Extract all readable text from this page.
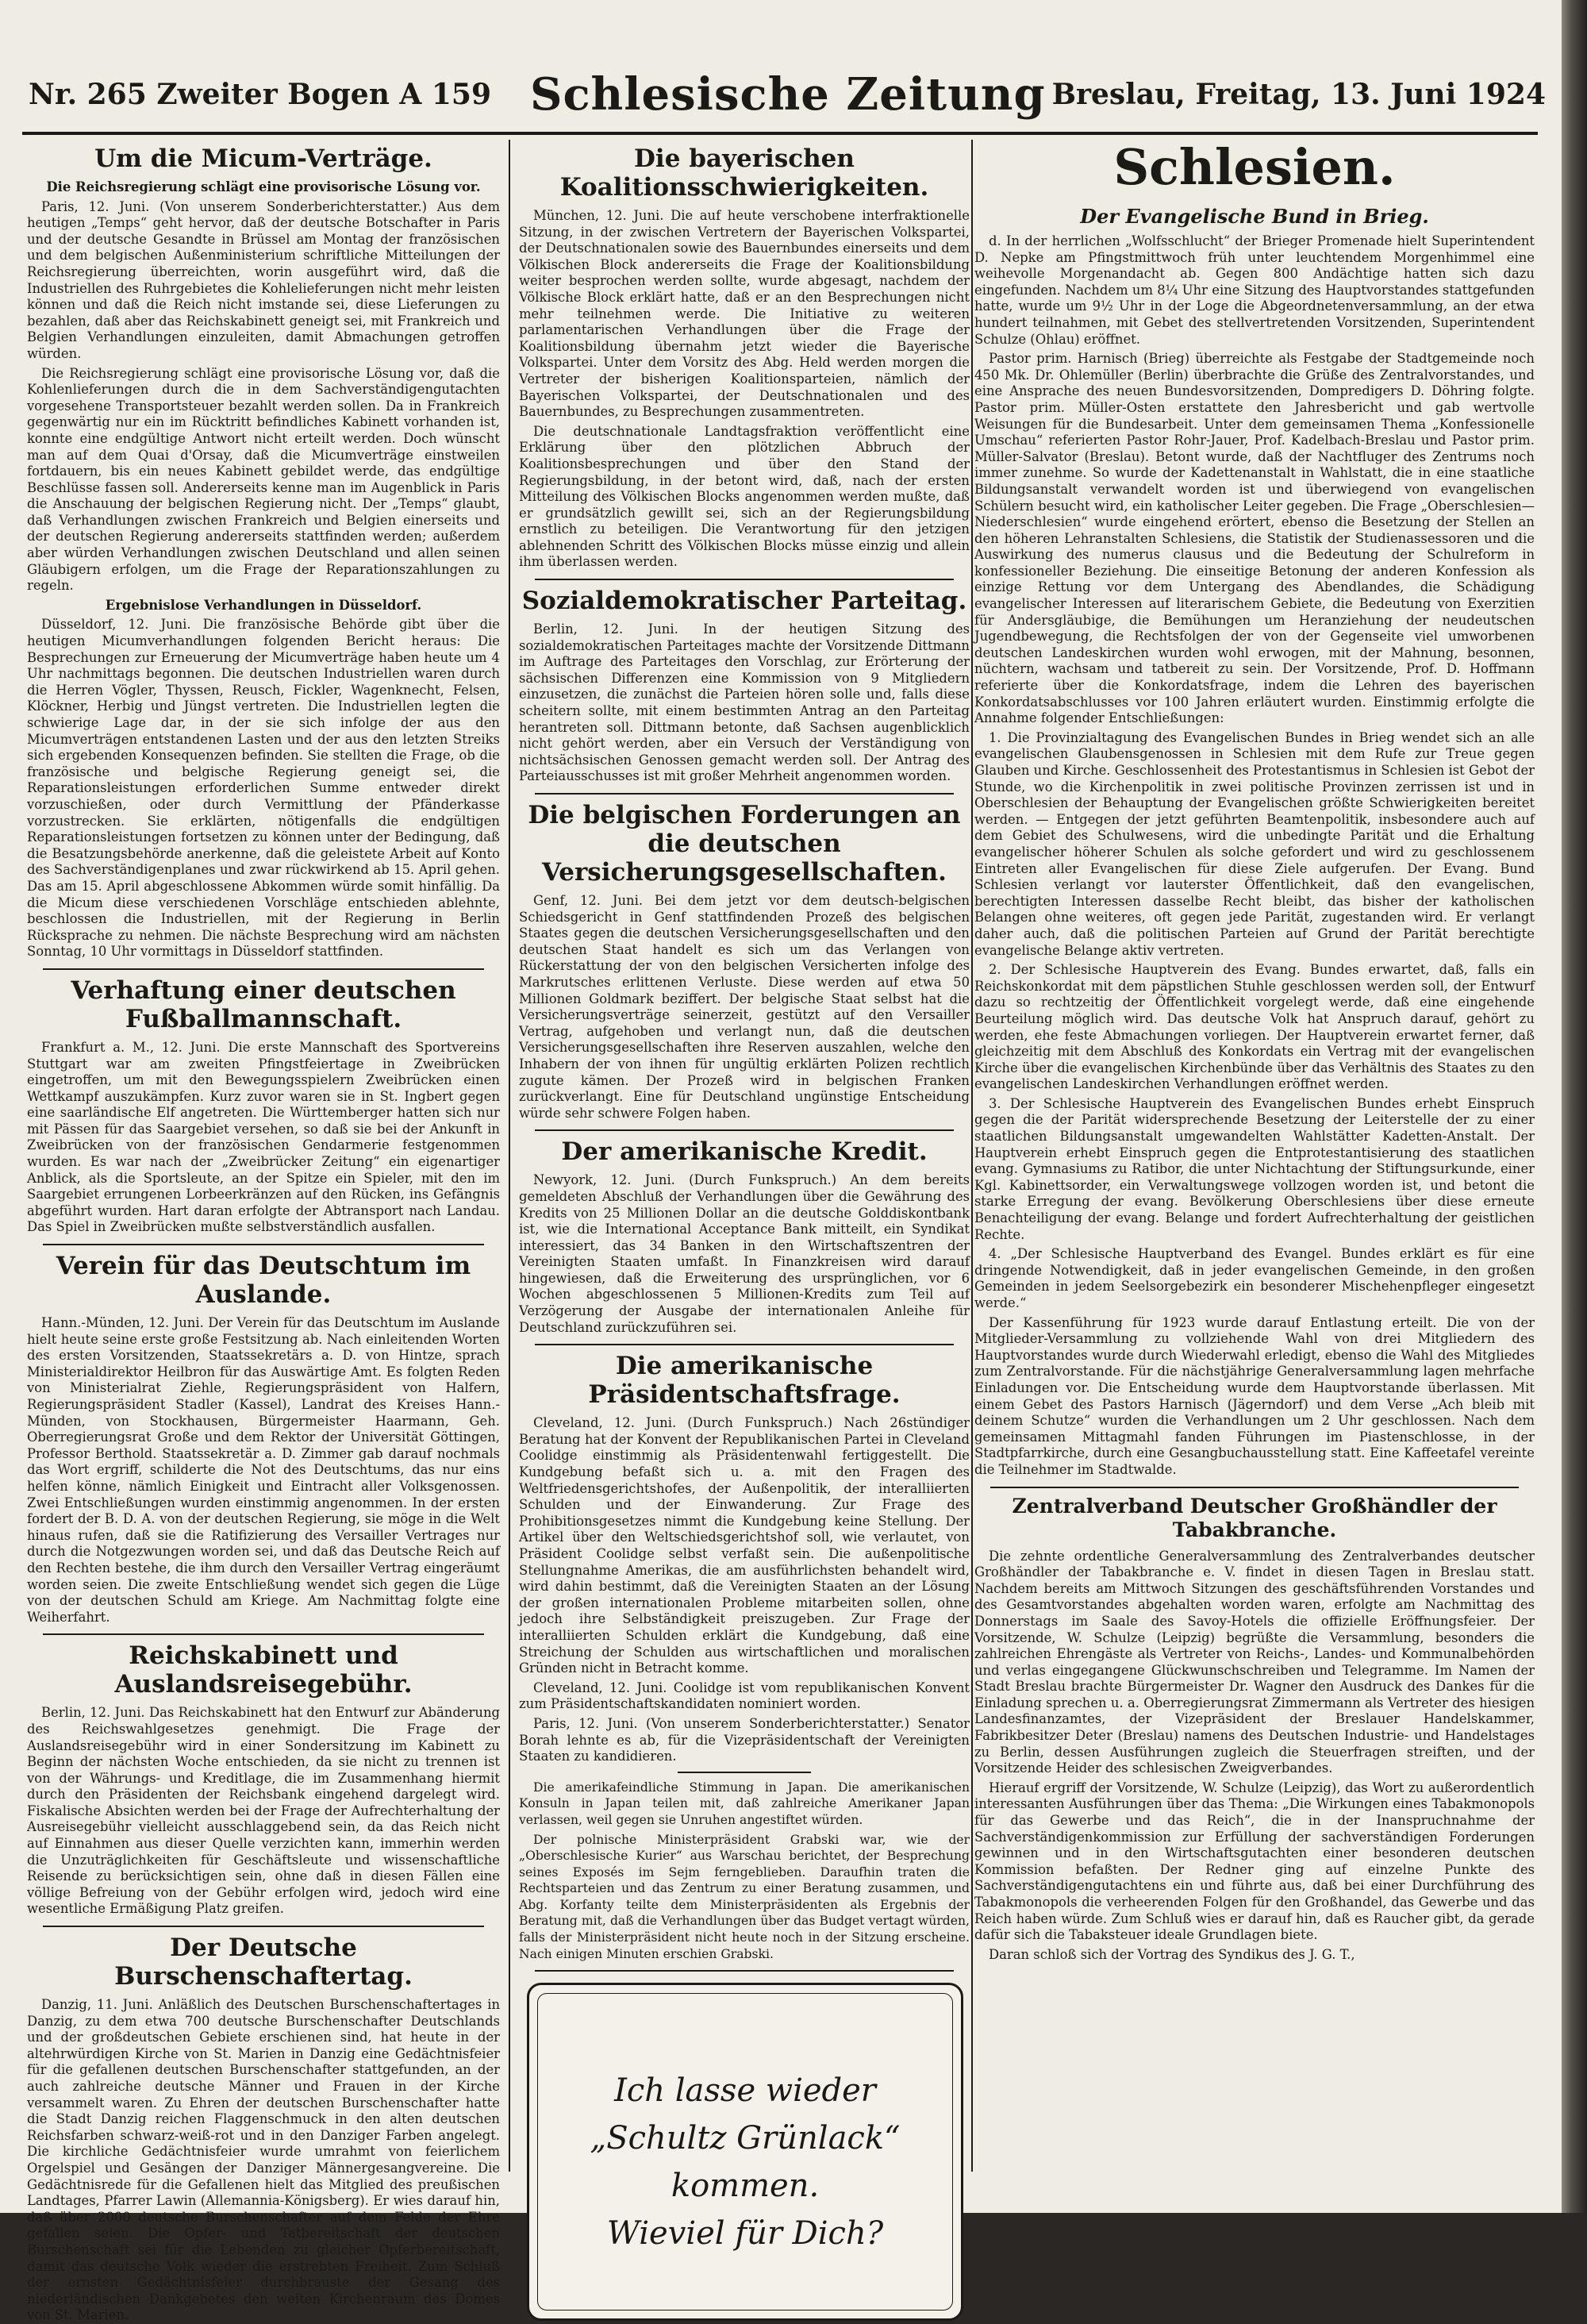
Nr. 265 Zweiter Bogen A 159 Schlesische Zeitung Breslau, Freitag, 13. Juni 1924
Um die Micum-Verträge.

Die Reichsregierung schlägt eine provisorische Lösung vor.

Paris, 12. Juni. (Von unserem Sonderberichterstatter.) Aus dem heutigen „Temps“ geht hervor, daß der deutsche Botschafter in Paris und der deutsche Gesandte in Brüssel am Montag der französischen und dem belgischen Außenministerium schriftliche Mitteilungen der Reichsregierung überreichten, worin ausgeführt wird, daß die Industriellen des Ruhrgebietes die Kohlelieferungen nicht mehr leisten können und daß die Reich nicht imstande sei, diese Lieferungen zu bezahlen, daß aber das Reichskabinett geneigt sei, mit Frankreich und Belgien Verhandlungen einzuleiten, damit Abmachungen getroffen würden.

Die Reichsregierung schlägt eine provisorische Lösung vor, daß die Kohlenlieferungen durch die in dem Sachverständigengutachten vorgesehene Transportsteuer bezahlt werden sollen. Da in Frankreich gegenwärtig nur ein im Rücktritt befindliches Kabinett vorhanden ist, konnte eine endgültige Antwort nicht erteilt werden. Doch wünscht man auf dem Quai d'Orsay, daß die Micumverträge einstweilen fortdauern, bis ein neues Kabinett gebildet werde, das endgültige Beschlüsse fassen soll. Andererseits kenne man im Augenblick in Paris die Anschauung der belgischen Regierung nicht. Der „Temps“ glaubt, daß Verhandlungen zwischen Frankreich und Belgien einerseits und der deutschen Regierung andererseits stattfinden werden; außerdem aber würden Verhandlungen zwischen Deutschland und allen seinen Gläubigern erfolgen, um die Frage der Reparationszahlungen zu regeln.

Ergebnislose Verhandlungen in Düsseldorf.

Düsseldorf, 12. Juni. Die französische Behörde gibt über die heutigen Micumverhandlungen folgenden Bericht heraus: Die Besprechungen zur Erneuerung der Micumverträge haben heute um 4 Uhr nachmittags begonnen. Die deutschen Industriellen waren durch die Herren Vögler, Thyssen, Reusch, Fickler, Wagenknecht, Felsen, Klöckner, Herbig und Jüngst vertreten. Die Industriellen legten die schwierige Lage dar, in der sie sich infolge der aus den Micumverträgen entstandenen Lasten und der aus den letzten Streiks sich ergebenden Konsequenzen befinden. Sie stellten die Frage, ob die französische und belgische Regierung geneigt sei, die Reparationsleistungen erforderlichen Summe entweder direkt vorzuschießen, oder durch Vermittlung der Pfänderkasse vorzustrecken. Sie erklärten, nötigenfalls die endgültigen Reparationsleistungen fortsetzen zu können unter der Bedingung, daß die Besatzungsbehörde anerkenne, daß die geleistete Arbeit auf Konto des Sachverständigenplanes und zwar rückwirkend ab 15. April gehen. Das am 15. April abgeschlossene Abkommen würde somit hinfällig. Da die Micum diese verschiedenen Vorschläge entschieden ablehnte, beschlossen die Industriellen, mit der Regierung in Berlin Rücksprache zu nehmen. Die nächste Besprechung wird am nächsten Sonntag, 10 Uhr vormittags in Düsseldorf stattfinden.

Verhaftung einer deutschen Fußballmannschaft.

Frankfurt a. M., 12. Juni. Die erste Mannschaft des Sportvereins Stuttgart war am zweiten Pfingstfeiertage in Zweibrücken eingetroffen, um mit den Bewegungsspielern Zweibrücken einen Wettkampf auszukämpfen. Kurz zuvor waren sie in St. Ingbert gegen eine saarländische Elf angetreten. Die Württemberger hatten sich nur mit Pässen für das Saargebiet versehen, so daß sie bei der Ankunft in Zweibrücken von der französischen Gendarmerie festgenommen wurden. Es war nach der „Zweibrücker Zeitung“ ein eigenartiger Anblick, als die Sportsleute, an der Spitze ein Spieler, mit den im Saargebiet errungenen Lorbeerkränzen auf den Rücken, ins Gefängnis abgeführt wurden. Hart daran erfolgte der Abtransport nach Landau. Das Spiel in Zweibrücken mußte selbstverständlich ausfallen.

Verein für das Deutschtum im Auslande.

Hann.-Münden, 12. Juni. Der Verein für das Deutschtum im Auslande hielt heute seine erste große Festsitzung ab. Nach einleitenden Worten des ersten Vorsitzenden, Staatssekretärs a. D. von Hintze, sprach Ministerialdirektor Heilbron für das Auswärtige Amt. Es folgten Reden von Ministerialrat Ziehle, Regierungspräsident von Halfern, Regierungspräsident Stadler (Kassel), Landrat des Kreises Hann.-Münden, von Stockhausen, Bürgermeister Haarmann, Geh. Oberregierungsrat Große und dem Rektor der Universität Göttingen, Professor Berthold. Staatssekretär a. D. Zimmer gab darauf nochmals das Wort ergriff, schilderte die Not des Deutschtums, das nur eins helfen könne, nämlich Einigkeit und Eintracht aller Volksgenossen. Zwei Entschließungen wurden einstimmig angenommen. In der ersten fordert der B. D. A. von der deutschen Regierung, sie möge in die Welt hinaus rufen, daß sie die Ratifizierung des Versailler Vertrages nur durch die Notgezwungen worden sei, und daß das Deutsche Reich auf den Rechten bestehe, die ihm durch den Versailler Vertrag eingeräumt worden seien. Die zweite Entschließung wendet sich gegen die Lüge von der deutschen Schuld am Kriege. Am Nachmittag folgte eine Weiherfahrt.

Reichskabinett und Auslandsreisegebühr.

Berlin, 12. Juni. Das Reichskabinett hat den Entwurf zur Abänderung des Reichswahlgesetzes genehmigt. Die Frage der Auslandsreisegebühr wird in einer Sondersitzung im Kabinett zu Beginn der nächsten Woche entschieden, da sie nicht zu trennen ist von der Währungs- und Kreditlage, die im Zusammenhang hiermit durch den Präsidenten der Reichsbank eingehend dargelegt wird. Fiskalische Absichten werden bei der Frage der Aufrechterhaltung der Ausreisegebühr vielleicht ausschlaggebend sein, da das Reich nicht auf Einnahmen aus dieser Quelle verzichten kann, immerhin werden die Unzuträglichkeiten für Geschäftsleute und wissenschaftliche Reisende zu berücksichtigen sein, ohne daß in diesen Fällen eine völlige Befreiung von der Gebühr erfolgen wird, jedoch wird eine wesentliche Ermäßigung Platz greifen.

Der Deutsche Burschenschaftertag.

Danzig, 11. Juni. Anläßlich des Deutschen Burschenschaftertages in Danzig, zu dem etwa 700 deutsche Burschenschafter Deutschlands und der großdeutschen Gebiete erschienen sind, hat heute in der altehrwürdigen Kirche von St. Marien in Danzig eine Gedächtnisfeier für die gefallenen deutschen Burschenschafter stattgefunden, an der auch zahlreiche deutsche Männer und Frauen in der Kirche versammelt waren. Zu Ehren der deutschen Burschenschafter hatte die Stadt Danzig reichen Flaggenschmuck in den alten deutschen Reichsfarben schwarz-weiß-rot und in den Danziger Farben angelegt. Die kirchliche Gedächtnisfeier wurde umrahmt von feierlichem Orgelspiel und Gesängen der Danziger Männergesangvereine. Die Gedächtnisrede für die Gefallenen hielt das Mitglied des preußischen Landtages, Pfarrer Lawin (Allemannia-Königsberg). Er wies darauf hin, daß über 2000 deutsche Burschenschafter auf dem Felde der Ehre gefallen seien. Die Opfer- und Tatbereitschaft der deutschen Burschenschaft sei für die Lebenden zu gleicher Opferbereitschaft, damit das deutsche Volk wieder die erstrebten Freiheit. Zum Schluß der ernsten Gedächtnisfeier durchbrauste der Gesang des niederländischen Dankgebetes den weiten Kirchenraum des Domes von St. Marien.

Die bayerischen Koalitionsschwierigkeiten.

München, 12. Juni. Die auf heute verschobene interfraktionelle Sitzung, in der zwischen Vertretern der Bayerischen Volkspartei, der Deutschnationalen sowie des Bauernbundes einerseits und dem Völkischen Block andererseits die Frage der Koalitionsbildung weiter besprochen werden sollte, wurde abgesagt, nachdem der Völkische Block erklärt hatte, daß er an den Besprechungen nicht mehr teilnehmen werde. Die Initiative zu weiteren parlamentarischen Verhandlungen über die Frage der Koalitionsbildung übernahm jetzt wieder die Bayerische Volkspartei. Unter dem Vorsitz des Abg. Held werden morgen die Vertreter der bisherigen Koalitionsparteien, nämlich der Bayerischen Volkspartei, der Deutschnationalen und des Bauernbundes, zu Besprechungen zusammentreten.

Die deutschnationale Landtagsfraktion veröffentlicht eine Erklärung über den plötzlichen Abbruch der Koalitionsbesprechungen und über den Stand der Regierungsbildung, in der betont wird, daß, nach der ersten Mitteilung des Völkischen Blocks angenommen werden mußte, daß er grundsätzlich gewillt sei, sich an der Regierungsbildung ernstlich zu beteiligen. Die Verantwortung für den jetzigen ablehnenden Schritt des Völkischen Blocks müsse einzig und allein ihm überlassen werden.

Sozialdemokratischer Parteitag.

Berlin, 12. Juni. In der heutigen Sitzung des sozialdemokratischen Parteitages machte der Vorsitzende Dittmann im Auftrage des Parteitages den Vorschlag, zur Erörterung der sächsischen Differenzen eine Kommission von 9 Mitgliedern einzusetzen, die zunächst die Parteien hören solle und, falls diese scheitern sollte, mit einem bestimmten Antrag an den Parteitag herantreten soll. Dittmann betonte, daß Sachsen augenblicklich nicht gehört werden, aber ein Versuch der Verständigung von nichtsächsischen Genossen gemacht werden soll. Der Antrag des Parteiausschusses ist mit großer Mehrheit angenommen worden.

Die belgischen Forderungen an die deutschen Versicherungsgesellschaften.

Genf, 12. Juni. Bei dem jetzt vor dem deutsch-belgischen Schiedsgericht in Genf stattfindenden Prozeß des belgischen Staates gegen die deutschen Versicherungsgesellschaften und den deutschen Staat handelt es sich um das Verlangen von Rückerstattung der von den belgischen Versicherten infolge des Markrutsches erlittenen Verluste. Diese werden auf etwa 50 Millionen Goldmark beziffert. Der belgische Staat selbst hat die Versicherungsverträge seinerzeit, gestützt auf den Versailler Vertrag, aufgehoben und verlangt nun, daß die deutschen Versicherungsgesellschaften ihre Reserven auszahlen, welche den Inhabern der von ihnen für ungültig erklärten Polizen rechtlich zugute kämen. Der Prozeß wird in belgischen Franken zurückverlangt. Eine für Deutschland ungünstige Entscheidung würde sehr schwere Folgen haben.

Der amerikanische Kredit.

Newyork, 12. Juni. (Durch Funkspruch.) An dem bereits gemeldeten Abschluß der Verhandlungen über die Gewährung des Kredits von 25 Millionen Dollar an die deutsche Golddiskontbank ist, wie die International Acceptance Bank mitteilt, ein Syndikat interessiert, das 34 Banken in den Wirtschaftszentren der Vereinigten Staaten umfaßt. In Finanzkreisen wird darauf hingewiesen, daß die Erweiterung des ursprünglichen, vor 6 Wochen abgeschlossenen 5 Millionen-Kredits zum Teil auf Verzögerung der Ausgabe der internationalen Anleihe für Deutschland zurückzuführen sei.

Die amerikanische Präsidentschaftsfrage.

Cleveland, 12. Juni. (Durch Funkspruch.) Nach 26stündiger Beratung hat der Konvent der Republikanischen Partei in Cleveland Coolidge einstimmig als Präsidentenwahl fertiggestellt. Die Kundgebung befaßt sich u. a. mit den Fragen des Weltfriedensgerichtshofes, der Außenpolitik, der interalliierten Schulden und der Einwanderung. Zur Frage des Prohibitionsgesetzes nimmt die Kundgebung keine Stellung. Der Artikel über den Weltschiedsgerichtshof soll, wie verlautet, von Präsident Coolidge selbst verfaßt sein. Die außenpolitische Stellungnahme Amerikas, die am ausführlichsten behandelt wird, wird dahin bestimmt, daß die Vereinigten Staaten an der Lösung der großen internationalen Probleme mitarbeiten sollen, ohne jedoch ihre Selbständigkeit preiszugeben. Zur Frage der interalliierten Schulden erklärt die Kundgebung, daß eine Streichung der Schulden aus wirtschaftlichen und moralischen Gründen nicht in Betracht komme.

Cleveland, 12. Juni. Coolidge ist vom republikanischen Konvent zum Präsidentschaftskandidaten nominiert worden.

Paris, 12. Juni. (Von unserem Sonderberichterstatter.) Senator Borah lehnte es ab, für die Vizepräsidentschaft der Vereinigten Staaten zu kandidieren.

Die amerikafeindliche Stimmung in Japan. Die amerikanischen Konsuln in Japan teilen mit, daß zahlreiche Amerikaner Japan verlassen, weil gegen sie Unruhen angestiftet würden.

Der polnische Ministerpräsident Grabski war, wie der „Oberschlesische Kurier“ aus Warschau berichtet, der Besprechung seines Exposés im Sejm ferngeblieben. Daraufhin traten die Rechtsparteien und das Zentrum zu einer Beratung zusammen, und Abg. Korfanty teilte dem Ministerpräsidenten als Ergebnis der Beratung mit, daß die Verhandlungen über das Budget vertagt würden, falls der Ministerpräsident nicht heute noch in der Sitzung erscheine. Nach einigen Minuten erschien Grabski.

Ich lasse wieder
„Schultz Grünlack“
kommen.
Wieviel für Dich?
Schlesien.
Der Evangelische Bund in Brieg.

d. In der herrlichen „Wolfsschlucht“ der Brieger Promenade hielt Superintendent D. Nepke am Pfingstmittwoch früh unter leuchtendem Morgenhimmel eine weihevolle Morgenandacht ab. Gegen 800 Andächtige hatten sich dazu eingefunden. Nachdem um 8¼ Uhr eine Sitzung des Hauptvorstandes stattgefunden hatte, wurde um 9½ Uhr in der Loge die Abgeordnetenversammlung, an der etwa hundert teilnahmen, mit Gebet des stellvertretenden Vorsitzenden, Superintendent Schulze (Ohlau) eröffnet.

Pastor prim. Harnisch (Brieg) überreichte als Festgabe der Stadtgemeinde noch 450 Mk. Dr. Ohlemüller (Berlin) überbrachte die Grüße des Zentralvorstandes, und eine Ansprache des neuen Bundesvorsitzenden, Dompredigers D. Döhring folgte. Pastor prim. Müller-Osten erstattete den Jahresbericht und gab wertvolle Weisungen für die Bundesarbeit. Unter dem gemeinsamen Thema „Konfessionelle Umschau“ referierten Pastor Rohr-Jauer, Prof. Kadelbach-Breslau und Pastor prim. Müller-Salvator (Breslau). Betont wurde, daß der Nachtfluger des Zentrums noch immer zunehme. So wurde der Kadettenanstalt in Wahlstatt, die in eine staatliche Bildungsanstalt verwandelt worden ist und überwiegend von evangelischen Schülern besucht wird, ein katholischer Leiter gegeben. Die Frage „Oberschlesien—Niederschlesien“ wurde eingehend erörtert, ebenso die Besetzung der Stellen an den höheren Lehranstalten Schlesiens, die Statistik der Studienassessoren und die Auswirkung des numerus clausus und die Bedeutung der Schulreform in konfessioneller Beziehung. Die einseitige Betonung der anderen Konfession als einzige Rettung vor dem Untergang des Abendlandes, die Schädigung evangelischer Interessen auf literarischem Gebiete, die Bedeutung von Exerzitien für Andersgläubige, die Bemühungen um Heranziehung der neudeutschen Jugendbewegung, die Rechtsfolgen der von der Gegenseite viel umworbenen deutschen Landeskirchen wurden wohl erwogen, mit der Mahnung, besonnen, nüchtern, wachsam und tatbereit zu sein. Der Vorsitzende, Prof. D. Hoffmann referierte über die Konkordatsfrage, indem die Lehren des bayerischen Konkordatsabschlusses vor 100 Jahren erläutert wurden. Einstimmig erfolgte die Annahme folgender Entschließungen:

1. Die Provinzialtagung des Evangelischen Bundes in Brieg wendet sich an alle evangelischen Glaubensgenossen in Schlesien mit dem Rufe zur Treue gegen Glauben und Kirche. Geschlossenheit des Protestantismus in Schlesien ist Gebot der Stunde, wo die Kirchenpolitik in zwei politische Provinzen zerrissen ist und in Oberschlesien der Behauptung der Evangelischen größte Schwierigkeiten bereitet werden. — Entgegen der jetzt geführten Beamtenpolitik, insbesondere auch auf dem Gebiet des Schulwesens, wird die unbedingte Parität und die Erhaltung evangelischer höherer Schulen als solche gefordert und wird zu geschlossenem Eintreten aller Evangelischen für diese Ziele aufgerufen. Der Evang. Bund Schlesien verlangt vor lauterster Öffentlichkeit, daß den evangelischen, berechtigten Interessen dasselbe Recht bleibt, das bisher der katholischen Belangen ohne weiteres, oft gegen jede Parität, zugestanden wird. Er verlangt daher auch, daß die politischen Parteien auf Grund der Parität berechtigte evangelische Belange aktiv vertreten.

2. Der Schlesische Hauptverein des Evang. Bundes erwartet, daß, falls ein Reichskonkordat mit dem päpstlichen Stuhle geschlossen werden soll, der Entwurf dazu so rechtzeitig der Öffentlichkeit vorgelegt werde, daß eine eingehende Beurteilung möglich wird. Das deutsche Volk hat Anspruch darauf, gehört zu werden, ehe feste Abmachungen vorliegen. Der Hauptverein erwartet ferner, daß gleichzeitig mit dem Abschluß des Konkordats ein Vertrag mit der evangelischen Kirche über die evangelischen Kirchenbünde über das Verhältnis des Staates zu den evangelischen Landeskirchen Verhandlungen eröffnet werden.

3. Der Schlesische Hauptverein des Evangelischen Bundes erhebt Einspruch gegen die der Parität widersprechende Besetzung der Leiterstelle der zu einer staatlichen Bildungsanstalt umgewandelten Wahlstätter Kadetten-Anstalt. Der Hauptverein erhebt Einspruch gegen die Entprotestantisierung des staatlichen evang. Gymnasiums zu Ratibor, die unter Nichtachtung der Stiftungsurkunde, einer Kgl. Kabinettsorder, ein Verwaltungswege vollzogen worden ist, und betont die starke Erregung der evang. Bevölkerung Oberschlesiens über diese erneute Benachteiligung der evang. Belange und fordert Aufrechterhaltung der geistlichen Rechte.

4. „Der Schlesische Hauptverband des Evangel. Bundes erklärt es für eine dringende Notwendigkeit, daß in jeder evangelischen Gemeinde, in den großen Gemeinden in jedem Seelsorgebezirk ein besonderer Mischehenpfleger eingesetzt werde.“

Der Kassenführung für 1923 wurde darauf Entlastung erteilt. Die von der Mitglieder-Versammlung zu vollziehende Wahl von drei Mitgliedern des Hauptvorstandes wurde durch Wiederwahl erledigt, ebenso die Wahl des Mitgliedes zum Zentralvorstande. Für die nächstjährige Generalversammlung lagen mehrfache Einladungen vor. Die Entscheidung wurde dem Hauptvorstande überlassen. Mit einem Gebet des Pastors Harnisch (Jägerndorf) und dem Verse „Ach bleib mit deinem Schutze“ wurden die Verhandlungen um 2 Uhr geschlossen. Nach dem gemeinsamen Mittagmahl fanden Führungen im Piastenschlosse, in der Stadtpfarrkirche, durch eine Gesangbuchausstellung statt. Eine Kaffeetafel vereinte die Teilnehmer im Stadtwalde.

Zentralverband Deutscher Großhändler der Tabakbranche.

Die zehnte ordentliche Generalversammlung des Zentralverbandes deutscher Großhändler der Tabakbranche e. V. findet in diesen Tagen in Breslau statt. Nachdem bereits am Mittwoch Sitzungen des geschäftsführenden Vorstandes und des Gesamtvorstandes abgehalten worden waren, erfolgte am Nachmittag des Donnerstags im Saale des Savoy-Hotels die offizielle Eröffnungsfeier. Der Vorsitzende, W. Schulze (Leipzig) begrüßte die Versammlung, besonders die zahlreichen Ehrengäste als Vertreter von Reichs-, Landes- und Kommunalbehörden und verlas eingegangene Glückwunschschreiben und Telegramme. Im Namen der Stadt Breslau brachte Bürgermeister Dr. Wagner den Ausdruck des Dankes für die Einladung sprechen u. a. Oberregierungsrat Zimmermann als Vertreter des hiesigen Landesfinanzamtes, der Vizepräsident der Breslauer Handelskammer, Fabrikbesitzer Deter (Breslau) namens des Deutschen Industrie- und Handelstages zu Berlin, dessen Ausführungen zugleich die Steuerfragen streiften, und der Vorsitzende Heider des schlesischen Zweigverbandes.

Hierauf ergriff der Vorsitzende, W. Schulze (Leipzig), das Wort zu außerordentlich interessanten Ausführungen über das Thema: „Die Wirkungen eines Tabakmonopols für das Gewerbe und das Reich“, die in der Inanspruchnahme der Sachverständigenkommission zur Erfüllung der sachverständigen Forderungen gewinnen und in den Wirtschaftsgutachten einer besonderen deutschen Kommission befaßten. Der Redner ging auf einzelne Punkte des Sachverständigengutachtens ein und führte aus, daß bei einer Durchführung des Tabakmonopols die verheerenden Folgen für den Großhandel, das Gewerbe und das Reich haben würde. Zum Schluß wies er darauf hin, daß es Raucher gibt, da gerade dafür sich die Tabaksteuer ideale Grundlagen biete.

Daran schloß sich der Vortrag des Syndikus des J. G. T.,
